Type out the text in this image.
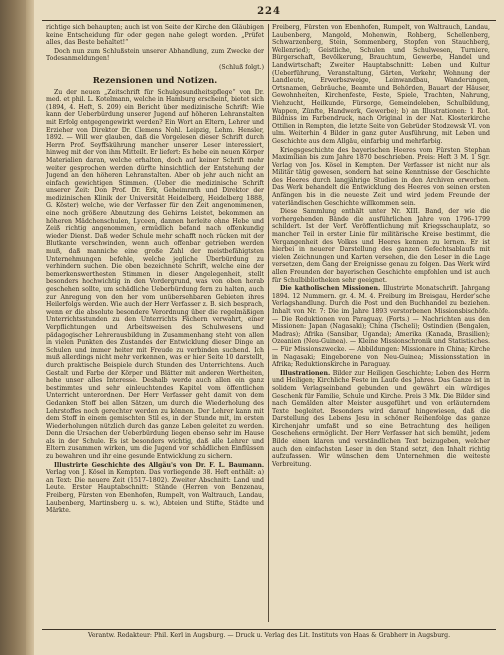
224

richtige sich behaupten; auch ist von Seite der Kirche den Gläubigen keine Entscheidung für oder gegen nahe gelegt worden. „Prüfet alles, das Beste behaltet!“

Doch nun zum Schlußstein unserer Abhandlung, zum Zwecke der Todesanmeldungen!

(Schluß folgt.)

Rezensionen und Notizen.

Zu der neuen „Zeitschrift für Schulgesundheitspflege“ von Dr. med. et phil. L. Kotelmann, welche in Hamburg erscheint, bietet sich (1894, 4. Heft, S. 209) ein Bericht über medizinische Schrift: Wie kann der Ueberbürdung unserer Jugend auf höheren Lehranstalten mit Erfolg entgegengewirkt werden? Ein Wort an Eltern, Lehrer und Erzieher von Direktor Dr. Clemens Nohl. Leipzig, Lehm. Hensler, 1892. — Will wer glauben, daß die Vorgelesen dieser Schrift durch Herrn Prof. Seyffskührung mancher unserer Leser interessiert, hinweg mit der von ihm Mitteilt. Er liefert: Es hebe ein neuen Körper Materialien daran, welche erhalten, doch auf keiner Schrift mehr weiter gesprochen werden dürfte hinsichtlich der Entstehung der Jugend an den höheren Lehranstalten. Aber ob jehr auch nicht an einfach gewichtigen Stimmen. (Ueber die medizinische Schrift unserer Zeit: Don Prof. Dr. Erk, Geheimrath und Direktor der medizinischen Klinik der Universität Heidelberg, Heidelberg 1888, G. Köster) welche, wie der Verfasser für den Zeit angenommenen, eine noch größere Abnutzung des Gehirns Leistet, bekommen an höheren Mädchenschulen, Lyceen, dannen herleite ohne Hebe und Zeiß richtig angenommen, ermüdlich befand nach offenkundig wieder Dienst. Daß weder Schule mehr schafft noch rücken mit der Blutkante verschwinden, wenn auch offenbar getrieben werden muß, daß manniche eine große Zahl der meistbefähigtsten Unternehmungen befehle, welche jegliche Überbürdung zu verhindern suchen. Die oben bezeichnete Schrift, welche eine der bemerkenswerthesten Stimmen in dieser Angelegenheit, stellt besonders hochwichtig in den Vordergrund, was von oben herab geschehen sollte, um schädliche Ueberbürdung fern zu halten, auch zur Anregung von den her vom unübersehbaren Gebieten ihres Heilerfolgs werden. Wie auch der Herr Verfasser z. B. sich besprach, wenn er die absolute besondere Verordnung über die regelmäßigen Unterrichtsstunden zu den Unterrichts Fächern verwahrt, einer Verpflichtungen und Arbeitsweisen des Schulwesens und pädagogischer Lehrerausbildung in Zusammenhang steht von allen in vielen Punkten des Zustandes der Entwicklung dieser Dinge an Schulen und immer heiter mit Freude zu verbinden suchend. Ich muß allerdings nicht mehr verkennen, was er hier Seite 10 darstellt, durch praktische Beispiele durch Stunden des Unterrichtens. Auch Gestalt und Farbe der Körper und Blätter mit anderen Wertheiten, hehe unser alles Interesse. Deshalb werde auch allen ein ganz bestimmtes und sehr einleuchtendes Kapitel vom öffentlichen Unterricht unterordnen. Der Herr Verfasser geht damit von dem Gedanken Stoff bei allen Sätzen, um durch die Wiederholung des Lehrstoffes noch gerechter werden zu können. Der Lehrer kann mit dem Stoff in einem gemischten Stil es, in der Stunde mit, im ersten Wiederholungen nützlich durch das ganze Leben geleitet zu werden. Denn die Ursachen der Ueberbürdung liegen ebenso sehr im Hause als in der Schule. Es ist besonders wichtig, daß alle Lehrer und Eltern zusammen wirken, um die Jugend vor schädlichen Einflüssen zu bewahren und ihr eine gesunde Entwicklung zu sichern.

Illustrirte Geschichte des Allgäu's von Dr. F. L. Baumann. Verlag von J. Kösel in Kempten. Das vorliegende 38. Heft enthält: a) an Text: Die neuere Zeit (1517–1802). Zweiter Abschnitt: Land und Leute. Erster Hauptabschnitt: Stände (Herren von Benzenau, Freiberg, Fürsten von Ebenhofen, Rumpelt, von Waltrauch, Landau, Laubenberg, Martinsberg u. s. w.), Abteien und Stifte, Städte und Märkte.

Freiberg, Fürsten von Ebenhofen, Rumpelt, von Waltrauch, Landau, Laubenberg, Mangold, Mohenwin, Rohberg, Schellenberg, Schwarzenberg, Stein, Sommenberg, Stopfen von Stauchberg, Wellenried); Geistliche, Schulen und Schulwesen, Turniere, Bürgerschaft, Bevölkerung, Brauchtum, Gewerbe, Handel und Landwirtschaft; Zweiter Hauptabschnitt: Leben und Kultur (Ueberführung, Veranstaltung, Gärten, Verkehr, Wohnung der Landleute, Erwerbszweige, Leinwandbau, Wanderungen, Ortsnamen, Gebräuche, Beamte und Behörden, Bauart der Häuser, Gewohnheiten, Kirchenfeste, Feste, Spiele, Trachten, Nahrung, Viehzucht, Heilkunde, Fürsorge, Gemeindeleben, Schulbildung, Wappen, Zünfte, Handwerk, Gewerbe); b) an Illustrationen: 1 Rot. Bildniss im Farbendruck, nach Original in der Nat. Klosterkirche Ottilien in Rempten, die letzte Seite von Gebrüder Stodzewsk VI. von ulm. Weiterhin 4 Bilder in ganz guter Ausführung, mit Leben und Geschichte aus dem Allgäu, einfarbig und mehrfarbig.

Kriegsgeschichte des bayerischen Heeres vom Fürsten Stephan Maximilian bis zum Jahre 1870 beschrieben. Preis: Heft 3 M. 1 Sgr. Verlag von Jos. Kösel in Kempten. Der Verfasser ist nicht nur als Militär tätig gewesen, sondern hat seine Kenntnisse der Geschichte des Heeres durch langjährige Studien in den Archiven erworben. Das Werk behandelt die Entwicklung des Heeres von seinen ersten Anfängen bis in die neueste Zeit und wird jedem Freunde der vaterländischen Geschichte willkommen sein.

Diese Sammlung enthält unter Nr. XIII. Band, der wie die vorhergehenden Bände die ausführlichen Jahre von 1796–1799 schildert. Ist der Verf. Veröffentlichung mit Kriegsschauplatz, so mancher Teil in erster Linie für militärische Kreise bestimmt, die Vergangenheit des Volkes und Heeres kennen zu lernen. Er ist hierbei in neuerer Darstellung des ganzen Gefechtsablaufs mit vielen Zeichnungen und Karten versehen, die den Leser in die Lage versetzen, dem Gang der Ereignisse genau zu folgen. Das Werk wird allen Freunden der bayerischen Geschichte empfohlen und ist auch für Schulbibliotheken sehr geeignet.

Die katholischen Missionen. Illustrirte Monatschrift. Jahrgang 1894. 12 Nummern. gr. 4. M. 4. Freiburg im Breisgau, Herder'sche Verlagshandlung. Durch die Post und den Buchhandel zu beziehen. Inhalt von Nr. 7: Die im Jahre 1893 verstorbenen Missionsbischöfe. — Die Reduktionen von Paraguay. (Forts.) — Nachrichten aus den Missionen: Japan (Nagasaki); China (Tscheli); Ostindien (Bengalen, Madras); Afrika (Sansibar, Uganda); Amerika (Kanada, Brasilien); Ozeanien (Neu-Guinea). — Kleine Missionschronik und Statistisches. — Für Missionszwecke. — Abbildungen: Missionare in China; Kirche in Nagasaki; Eingeborene von Neu-Guinea; Missionsstation in Afrika; Reduktionskirche in Paraguay.

Illustrationen. Bilder zur Heiligen Geschichte; Leben des Herrn und Heiligen; Kirchliche Feste im Laufe des Jahres. Das Ganze ist in solidem Verlagseinband gebunden und gewährt ein würdiges Geschenk für Familie, Schule und Kirche. Preis 3 Mk. Die Bilder sind nach Gemälden alter Meister ausgeführt und von erläuterndem Texte begleitet. Besonders wird darauf hingewiesen, daß die Darstellung des Lebens Jesu in schöner Reihenfolge das ganze Kirchenjahr umfaßt und so eine Betrachtung des heiligen Geschehens ermöglicht. Der Herr Verfasser hat sich bemüht, jedem Bilde einen klaren und verständlichen Text beizugeben, welcher auch den einfachsten Leser in den Stand setzt, den Inhalt richtig aufzufassen. Wir wünschen dem Unternehmen die weiteste Verbreitung.

Verantw. Redakteur: Phil. Kerl in Augsburg. — Druck u. Verlag des Lit. Instituts von Haas & Grabherr in Augsburg.
